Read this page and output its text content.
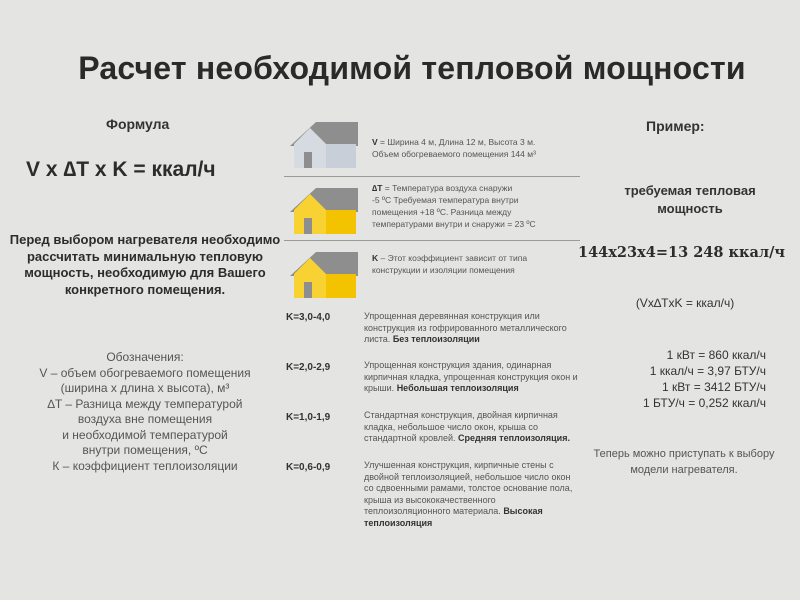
Расчет необходимой тепловой мощности
Формула
V x ∆T x K = ккал/ч
Перед выбором нагревателя необходимо рассчитать минимальную тепловую мощность, необходимую для Вашего конкретного помещения.
Обозначения:
V – объем обогреваемого помещения
(ширина х длина х высота), м³
∆T – Разница между температурой
воздуха вне помещения
и необходимой температурой
внутри помещения, ºС
К – коэффициент теплоизоляции
V = Ширина 4 м, Длина 12 м, Высота 3 м.
Объем обогреваемого помещения 144 м³
∆T = Температура воздуха снаружи
-5 ºC Требуемая температура внутри
помещения +18 ºC. Разница между
температурами внутри и снаружи = 23 ºC
K – Этот коэффициент зависит от типа
конструкции и изоляции помещения
K=3,0-4,0	Упрощенная деревянная конструкция или конструкция из гофрированного металлического листа. Без теплоизоляции
K=2,0-2,9	Упрощенная конструкция здания, одинарная кирпичная кладка, упрощенная конструкция окон и крыши. Небольшая теплоизоляция
K=1,0-1,9	Стандартная конструкция, двойная кирпичная кладка, небольшое число окон, крыша со стандартной кровлей. Средняя теплоизоляция.
K=0,6-0,9	Улучшенная конструкция, кирпичные стены с двойной теплоизоляцией, небольшое число окон со сдвоенными рамами, толстое основание пола, крыша из высококачественного теплоизоляционного материала. Высокая теплоизоляция
Пример:
требуемая тепловая мощность
144x23x4=13 248 ккал/ч
(Vx∆TxK = ккал/ч)
1 кВт = 860 ккал/ч
1 ккал/ч = 3,97 БТУ/ч
1 кВт = 3412 БТУ/ч
1 БТУ/ч = 0,252 ккал/ч
Теперь можно приступать к выбору модели нагревателя.
